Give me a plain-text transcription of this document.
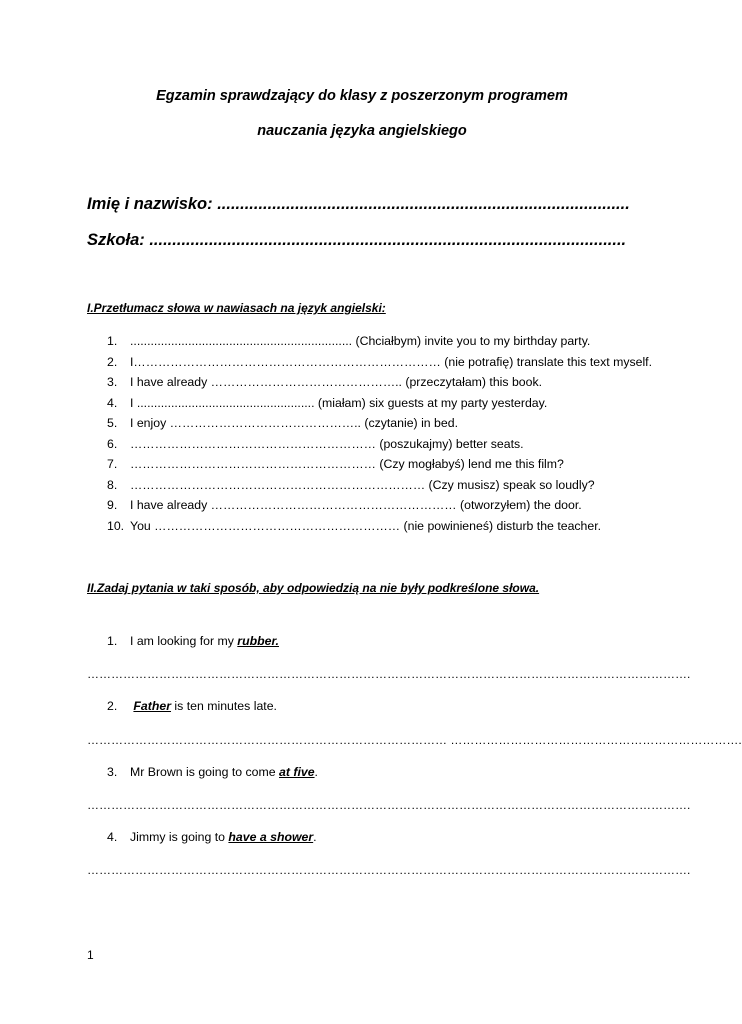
Egzamin sprawdzający do klasy z poszerzonym programem
nauczania języka angielskiego

Imię i nazwisko: ..........................................................................................

Szkoła: ........................................................................................................

I.Przetłumacz słowa w nawiasach na język angielski:
1. ................................................................. (Chciałbym) invite you to my birthday party.
2. I………………………………………………………………… (nie potrafię) translate this text myself.
3. I have already ……………………………………….. (przeczytałam) this book.
4. I .................................................... (miałam) six guests at my party yesterday.
5. I enjoy ……………………………………….. (czytanie) in bed.
6. …………………………………………………… (poszukajmy) better seats.
7. …………………………………………………… (Czy mogłabyś) lend me this film?
8. ……………………………………………………………… (Czy musisz) speak so loudly?
9. I have already …………………………………………………… (otworzyłem) the door.
10. You …………………………………………………… (nie powinieneś) disturb the teacher.
II.Zadaj pytania w taki sposób, aby odpowiedzią na nie były podkreślone słowa.
1. I am looking for my rubber.

…………………………………………………………………………………………………………………………………….

2. Father is ten minutes late.

……………………………………………………………………………… ……………………………………………………………….

3. Mr Brown is going to come at five.

…………………………………………………………………………………………………………………………………….

4. Jimmy is going to have a shower.

…………………………………………………………………………………………………………………………………….

1
